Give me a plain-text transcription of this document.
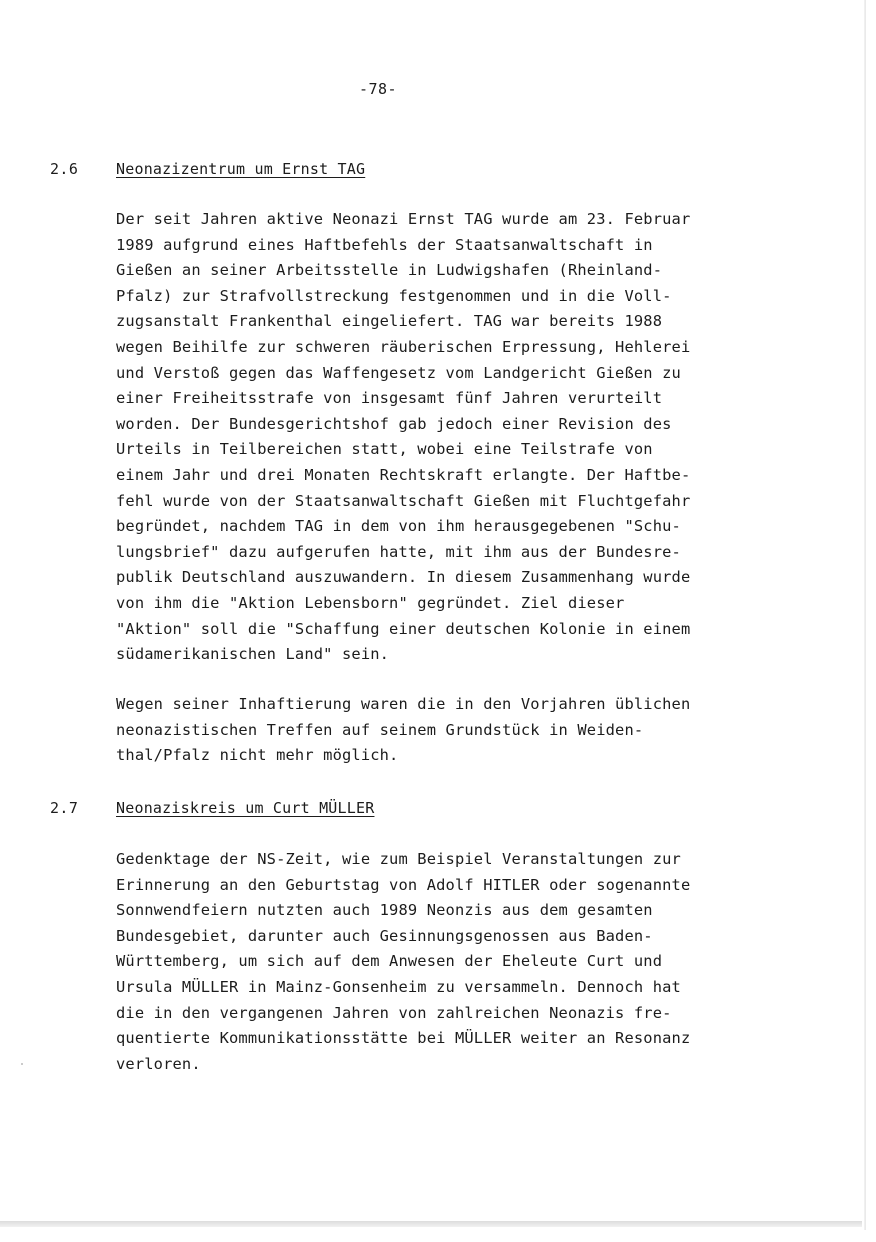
-78-
2.6	Neonazizentrum um Ernst TAG

Der seit Jahren aktive Neonazi Ernst TAG wurde am 23. Februar
1989 aufgrund eines Haftbefehls der Staatsanwaltschaft in
Gießen an seiner Arbeitsstelle in Ludwigshafen (Rheinland-
Pfalz) zur Strafvollstreckung festgenommen und in die Voll-
zugsanstalt Frankenthal eingeliefert. TAG war bereits 1988
wegen Beihilfe zur schweren räuberischen Erpressung, Hehlerei
und Verstoß gegen das Waffengesetz vom Landgericht Gießen zu
einer Freiheitsstrafe von insgesamt fünf Jahren verurteilt
worden. Der Bundesgerichtshof gab jedoch einer Revision des
Urteils in Teilbereichen statt, wobei eine Teilstrafe von
einem Jahr und drei Monaten Rechtskraft erlangte. Der Haftbe-
fehl wurde von der Staatsanwaltschaft Gießen mit Fluchtgefahr
begründet, nachdem TAG in dem von ihm herausgegebenen "Schu-
lungsbrief" dazu aufgerufen hatte, mit ihm aus der Bundesre-
publik Deutschland auszuwandern. In diesem Zusammenhang wurde
von ihm die "Aktion Lebensborn" gegründet. Ziel dieser
"Aktion" soll die "Schaffung einer deutschen Kolonie in einem
südamerikanischen Land" sein.

Wegen seiner Inhaftierung waren die in den Vorjahren üblichen
neonazistischen Treffen auf seinem Grundstück in Weiden-
thal/Pfalz nicht mehr möglich.

2.7	Neonaziskreis um Curt MÜLLER

Gedenktage der NS-Zeit, wie zum Beispiel Veranstaltungen zur
Erinnerung an den Geburtstag von Adolf HITLER oder sogenannte
Sonnwendfeiern nutzten auch 1989 Neonzis aus dem gesamten
Bundesgebiet, darunter auch Gesinnungsgenossen aus Baden-
Württemberg, um sich auf dem Anwesen der Eheleute Curt und
Ursula MÜLLER in Mainz-Gonsenheim zu versammeln. Dennoch hat
die in den vergangenen Jahren von zahlreichen Neonazis fre-
quentierte Kommunikationsstätte bei MÜLLER weiter an Resonanz
verloren.
